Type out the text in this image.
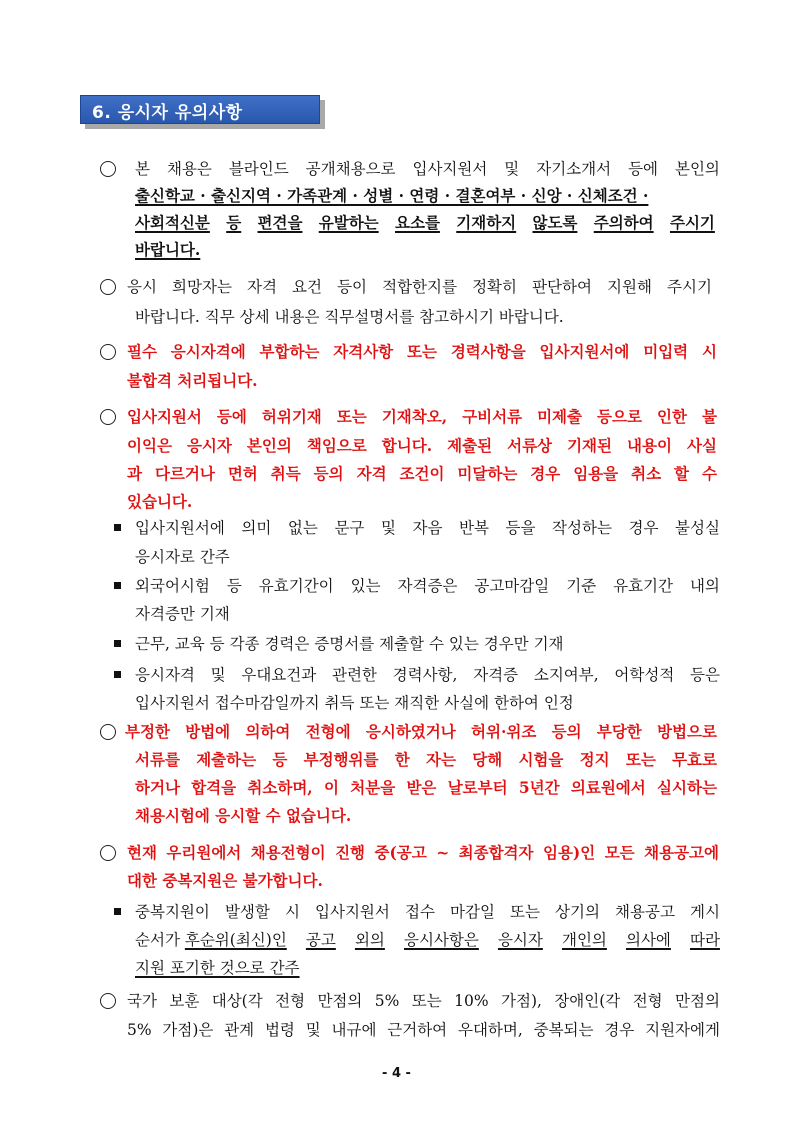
6. 응시자 유의사항
본 채용은 블라인드 공개채용으로 입사지원서 및 자기소개서 등에 본인의
출신학교 · 출신지역 · 가족관계 · 성별 · 연령 · 결혼여부 · 신앙 · 신체조건 ·
사회적신분 등 편견을 유발하는 요소를 기재하지 않도록 주의하여 주시기
바랍니다.
응시 희망자는 자격 요건 등이 적합한지를 정확히 판단하여 지원해 주시기
바랍니다. 직무 상세 내용은 직무설명서를 참고하시기 바랍니다.
필수 응시자격에 부합하는 자격사항 또는 경력사항을 입사지원서에 미입력 시
불합격 처리됩니다.
입사지원서 등에 허위기재 또는 기재착오, 구비서류 미제출 등으로 인한 불
이익은 응시자 본인의 책임으로 합니다. 제출된 서류상 기재된 내용이 사실
과 다르거나 면허 취득 등의 자격 조건이 미달하는 경우 임용을 취소 할 수
있습니다.
입사지원서에 의미 없는 문구 및 자음 반복 등을 작성하는 경우 불성실
응시자로 간주
외국어시험 등 유효기간이 있는 자격증은 공고마감일 기준 유효기간 내의
자격증만 기재
근무, 교육 등 각종 경력은 증명서를 제출할 수 있는 경우만 기재
응시자격 및 우대요건과 관련한 경력사항, 자격증 소지여부, 어학성적 등은
입사지원서 접수마감일까지 취득 또는 재직한 사실에 한하여 인정
부정한 방법에 의하여 전형에 응시하였거나 허위·위조 등의 부당한 방법으로
서류를 제출하는 등 부정행위를 한 자는 당해 시험을 정지 또는 무효로
하거나 합격을 취소하며, 이 처분을 받은 날로부터 5년간 의료원에서 실시하는
채용시험에 응시할 수 없습니다.
현재 우리원에서 채용전형이 진행 중(공고 ~ 최종합격자 임용)인 모든 채용공고에
대한 중복지원은 불가합니다.
중복지원이 발생할 시 입사지원서 접수 마감일 또는 상기의 채용공고 게시
순서가 후순위(최신)인 공고 외의 응시사항은 응시자 개인의 의사에 따라
지원 포기한 것으로 간주
국가 보훈 대상(각 전형 만점의 5% 또는 10% 가점), 장애인(각 전형 만점의
5% 가점)은 관계 법령 및 내규에 근거하여 우대하며, 중복되는 경우 지원자에게
- 4 -
